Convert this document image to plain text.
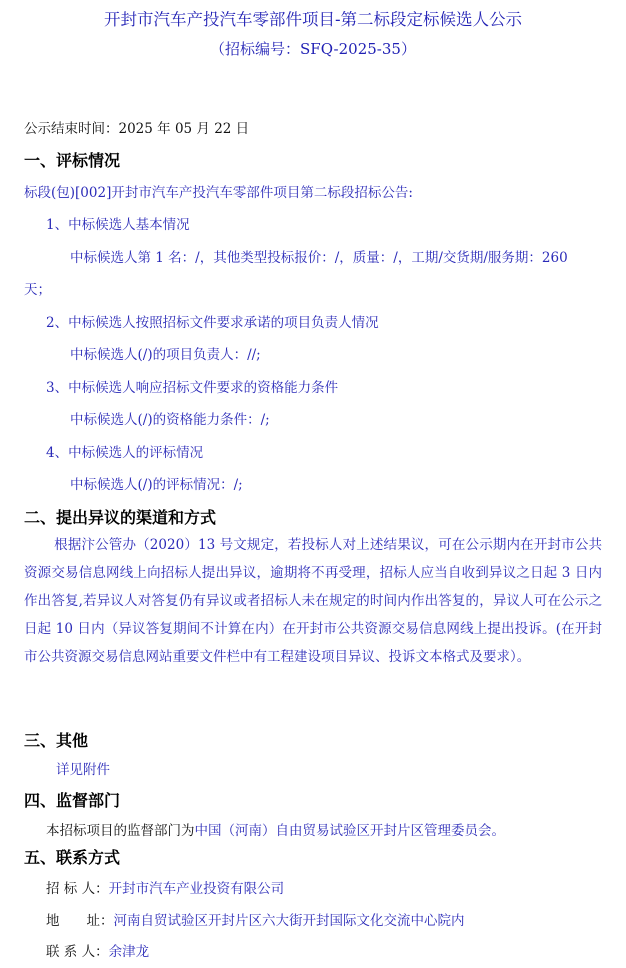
开封市汽车产投汽车零部件项目-第二标段定标候选人公示
（招标编号：SFQ-2025-35）
公示结束时间：2025 年 05 月 22 日
一、评标情况
标段(包)[002]开封市汽车产投汽车零部件项目第二标段招标公告:
1、中标候选人基本情况
中标候选人第 1 名：/，其他类型投标报价：/，质量：/，工期/交货期/服务期：260
天；
2、中标候选人按照招标文件要求承诺的项目负责人情况
中标候选人(/)的项目负责人：//;
3、中标候选人响应招标文件要求的资格能力条件
中标候选人(/)的资格能力条件：/;
4、中标候选人的评标情况
中标候选人(/)的评标情况：/;
二、提出异议的渠道和方式
根据汴公管办（2020）13 号文规定，若投标人对上述结果议，可在公示期内在开封市公共资源交易信息网线上向招标人提出异议，逾期将不再受理，招标人应当自收到异议之日起 3 日内作出答复,若异议人对答复仍有异议或者招标人未在规定的时间内作出答复的，异议人可在公示之日起 10 日内（异议答复期间不计算在内）在开封市公共资源交易信息网线上提出投诉。(在开封市公共资源交易信息网站重要文件栏中有工程建设项目异议、投诉文本格式及要求）。
三、其他
详见附件
四、监督部门
本招标项目的监督部门为中国（河南）自由贸易试验区开封片区管理委员会。
五、联系方式
招 标 人：开封市汽车产业投资有限公司
地　　址：河南自贸试验区开封片区六大街开封国际文化交流中心院内
联 系 人：余津龙
